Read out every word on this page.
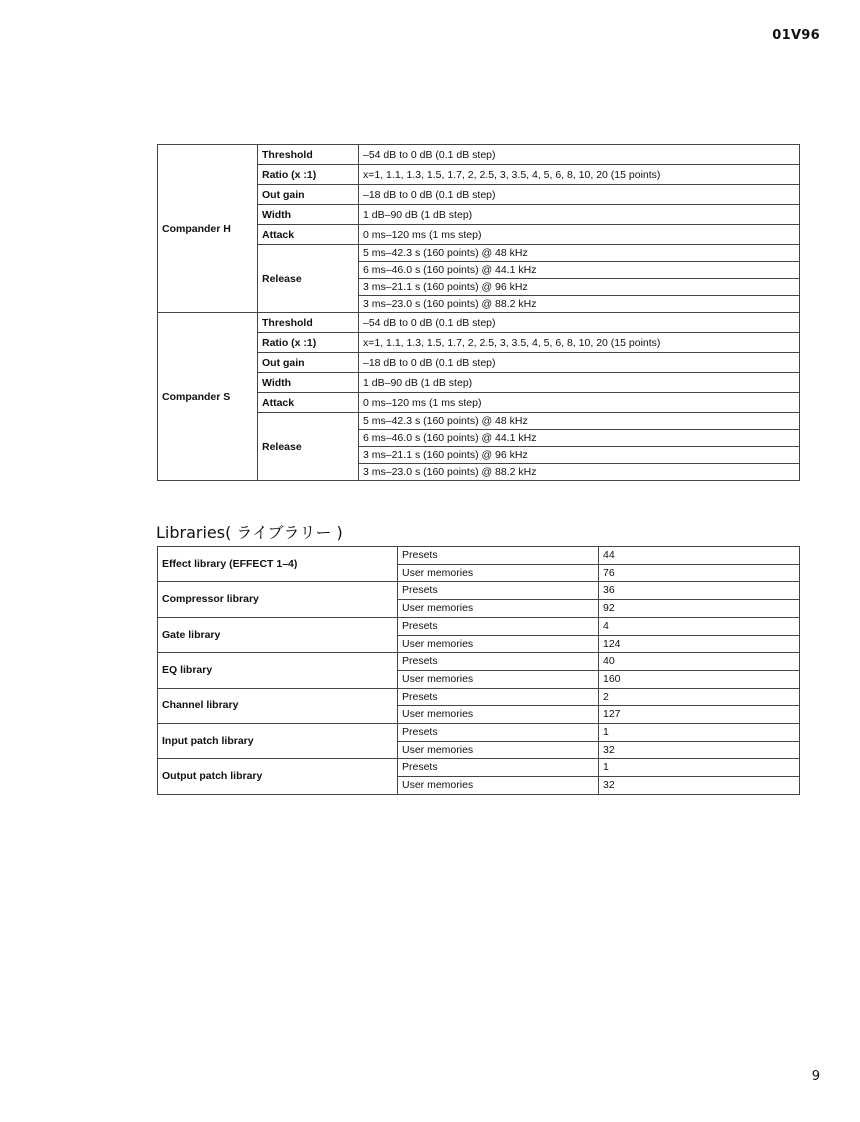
01V96
Compander H	Threshold	–54 dB to 0 dB (0.1 dB step)
	Ratio (x :1)	x=1, 1.1, 1.3, 1.5, 1.7, 2, 2.5, 3, 3.5, 4, 5, 6, 8, 10, 20 (15 points)
	Out gain	–18 dB to 0 dB (0.1 dB step)
	Width	1 dB–90 dB (1 dB step)
	Attack	0 ms–120 ms (1 ms step)
	Release	5 ms–42.3 s (160 points) @ 48 kHz
		6 ms–46.0 s (160 points) @ 44.1 kHz
		3 ms–21.1 s (160 points) @ 96 kHz
		3 ms–23.0 s (160 points) @ 88.2 kHz
Compander S	Threshold	–54 dB to 0 dB (0.1 dB step)
	Ratio (x :1)	x=1, 1.1, 1.3, 1.5, 1.7, 2, 2.5, 3, 3.5, 4, 5, 6, 8, 10, 20 (15 points)
	Out gain	–18 dB to 0 dB (0.1 dB step)
	Width	1 dB–90 dB (1 dB step)
	Attack	0 ms–120 ms (1 ms step)
	Release	5 ms–42.3 s (160 points) @ 48 kHz
		6 ms–46.0 s (160 points) @ 44.1 kHz
		3 ms–21.1 s (160 points) @ 96 kHz
		3 ms–23.0 s (160 points) @ 88.2 kHz
Libraries( ライブラリー )
Effect library (EFFECT 1–4)	Presets	44
	User memories	76
Compressor library	Presets	36
	User memories	92
Gate library	Presets	4
	User memories	124
EQ library	Presets	40
	User memories	160
Channel library	Presets	2
	User memories	127
Input patch library	Presets	1
	User memories	32
Output patch library	Presets	1
	User memories	32
9
